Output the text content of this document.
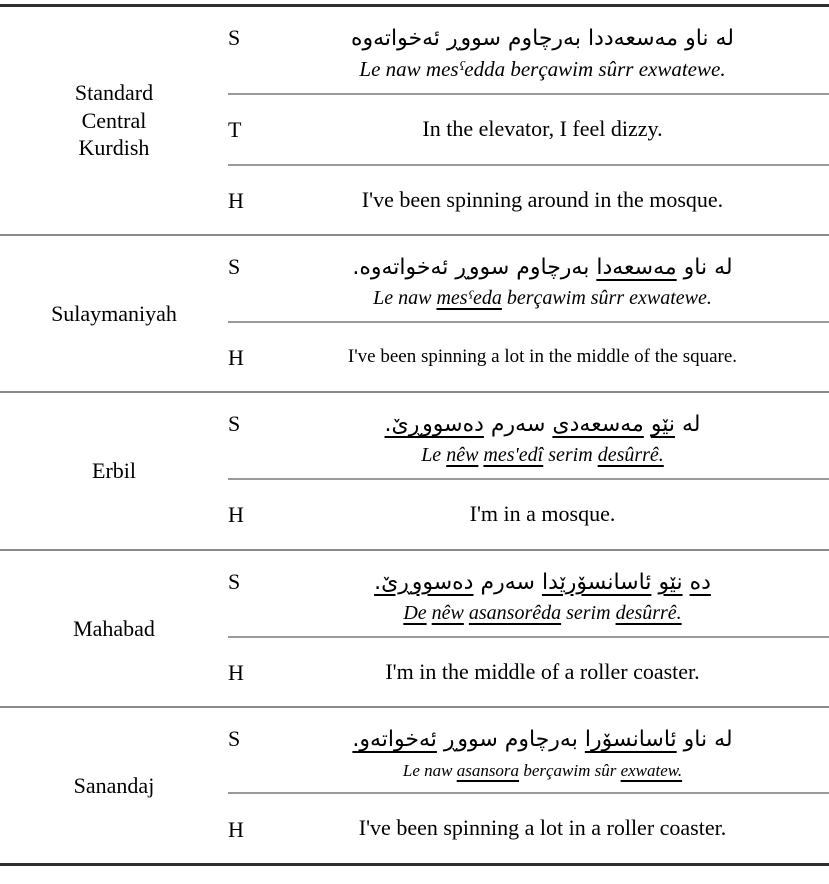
Standard Central Kurdish
S	له ناو مەسعەددا بەرچاوم سووڕ ئەخواتەوە
Le naw mesˤedda berçawim sûrr exwatewe.
T	In the elevator, I feel dizzy.
H	I've been spinning around in the mosque.
Sulaymaniyah
S	له ناو مەسعەدا بەرچاوم سووڕ ئەخواتەوە.
Le naw mesˤeda berçawim sûrr exwatewe.
H	I've been spinning a lot in the middle of the square.
Erbil
S	له نێو مەسعەدی سەرم دەسووڕێ.
Le nêw mes'edî serim desûrrê.
H	I'm in a mosque.
Mahabad
S	دە نێو ئاسانسۆرێدا سەرم دەسووڕێ.
De nêw asansorêda serim desûrrê.
H	I'm in the middle of a roller coaster.
Sanandaj
S	له ناو ئاسانسۆرا بەرچاوم سووڕ ئەخواتەو.
Le naw asansora berçawim sûr exwatew.
H	I've been spinning a lot in a roller coaster.
